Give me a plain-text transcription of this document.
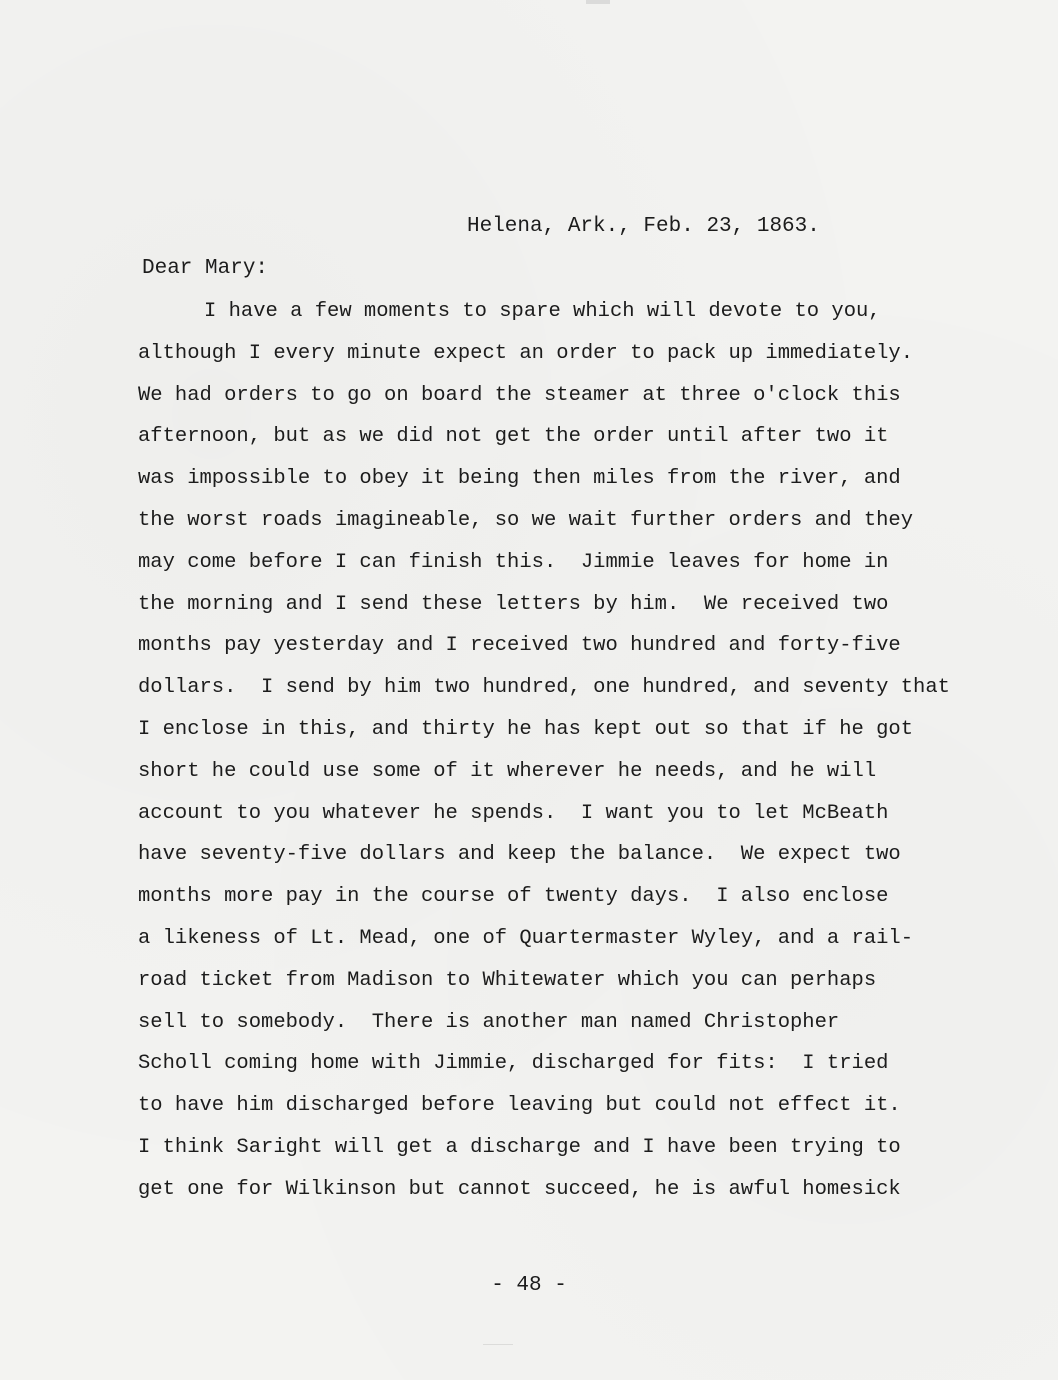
Helena, Ark., Feb. 23, 1863.
Dear Mary:
I have a few moments to spare which will devote to you,
although I every minute expect an order to pack up immediately.
We had orders to go on board the steamer at three o'clock this
afternoon, but as we did not get the order until after two it
was impossible to obey it being then miles from the river, and
the worst roads imagineable, so we wait further orders and they
may come before I can finish this.  Jimmie leaves for home in
the morning and I send these letters by him.  We received two
months pay yesterday and I received two hundred and forty-five
dollars.  I send by him two hundred, one hundred, and seventy that
I enclose in this, and thirty he has kept out so that if he got
short he could use some of it wherever he needs, and he will
account to you whatever he spends.  I want you to let McBeath
have seventy-five dollars and keep the balance.  We expect two
months more pay in the course of twenty days.  I also enclose
a likeness of Lt. Mead, one of Quartermaster Wyley, and a rail-
road ticket from Madison to Whitewater which you can perhaps
sell to somebody.  There is another man named Christopher
Scholl coming home with Jimmie, discharged for fits:  I tried
to have him discharged before leaving but could not effect it.
I think Saright will get a discharge and I have been trying to
get one for Wilkinson but cannot succeed, he is awful homesick
- 48 -
